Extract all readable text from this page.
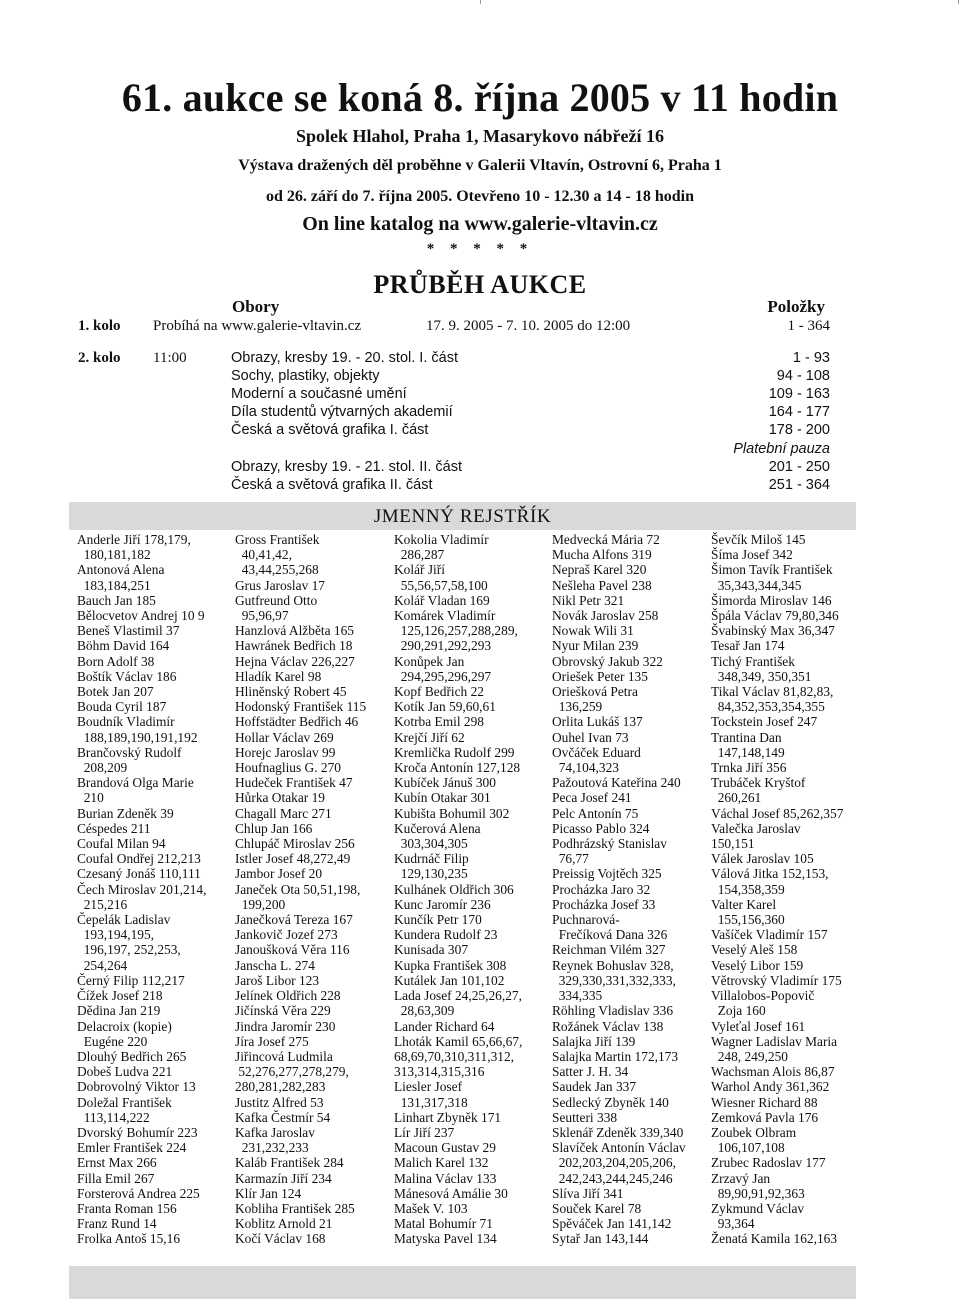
61. aukce se koná 8. října 2005 v 11 hodin
Spolek Hlahol, Praha 1, Masarykovo nábřeží 16
Výstava dražených děl proběhne v Galerii Vltavín, Ostrovní 6, Praha 1
od 26. září do 7. října 2005. Otevřeno 10 - 12.30 a 14 - 18 hodin
On line katalog na www.galerie-vltavin.cz
* * * * *
PRŮBĚH AUKCE
Obory	Položky
1. kolo Probíhá na www.galerie-vltavin.cz	17. 9. 2005 - 7. 10. 2005 do 12:00	1 - 364
2. kolo 11:00	Obrazy, kresby 19. - 20. stol. I. část	1 - 93
Sochy, plastiky, objekty	94 - 108
Moderní a současné umění	109 - 163
Díla studentů výtvarných akademií	164 - 177
Česká a světová grafika I. část	178 - 200
Platební pauza
Obrazy, kresby 19. - 21. stol. II. část	201 - 250
Česká a světová grafika II. část	251 - 364
JMENNÝ REJSTŘÍK
Anderle Jiří 178,179,
180,181,182
Antonová Alena
183,184,251
Bauch Jan 185
Bělocvetov Andrej 10 9
Beneš Vlastimil 37
Böhm David 164
Born Adolf 38
Boštík Václav 186
Botek Jan 207
Bouda Cyril 187
Boudník Vladimír
188,189,190,191,192
Brančovský Rudolf
208,209
Brandová Olga Marie
210
Burian Zdeněk 39
Céspedes 211
Coufal Milan 94
Coufal Ondřej 212,213
Czesaný Jonáš 110,111
Čech Miroslav 201,214,
215,216
Čepelák Ladislav
193,194,195,
196,197, 252,253,
254,264
Černý Filip 112,217
Čížek Josef 218
Dědina Jan 219
Delacroix (kopie)
Eugéne 220
Dlouhý Bedřich 265
Dobeš Ludva 221
Dobrovolný Viktor 13
Doležal František
113,114,222
Dvorský Bohumír 223
Emler František 224
Ernst Max 266
Filla Emil 267
Forsterová Andrea 225
Franta Roman 156
Franz Rund 14
Frolka Antoš 15,16
Gross František
40,41,42,
43,44,255,268
Grus Jaroslav 17
Gutfreund Otto
95,96,97
Hanzlová Alžběta 165
Hawránek Bedřich 18
Hejna Václav 226,227
Hladík Karel 98
Hlinĕnský Robert 45
Hodonský František 115
Hoffstädter Bedřich 46
Hollar Václav 269
Horejc Jaroslav 99
Houfnaglius G. 270
Hudeček František 47
Hůrka Otakar 19
Chagall Marc 271
Chlup Jan 166
Chlupáč Miroslav 256
Istler Josef 48,272,49
Jambor Josef 20
Janeček Ota 50,51,198,
199,200
Janečková Tereza 167
Jankovič Jozef 273
Janoušková Věra 116
Janscha L. 274
Jaroš Libor 123
Jelínek Oldřich 228
Jičínská Věra 229
Jindra Jaromír 230
Jíra Josef 275
Jiřincová Ludmila
52,276,277,278,279,
280,281,282,283
Justitz Alfred 53
Kafka Čestmír 54
Kafka Jaroslav
231,232,233
Kaláb František 284
Karmazín Jiří 234
Klír Jan 124
Kobliha František 285
Koblitz Arnold 21
Kočí Václav 168
Kokolia Vladimír
286,287
Kolář Jiří
55,56,57,58,100
Kolář Vladan 169
Komárek Vladimír
125,126,257,288,289,
290,291,292,293
Konůpek Jan
294,295,296,297
Kopf Bedřich 22
Kotík Jan 59,60,61
Kotrba Emil 298
Krejčí Jiří 62
Kremlička Rudolf 299
Kroča Antonín 127,128
Kubíček Jánuš 300
Kubín Otakar 301
Kubišta Bohumil 302
Kučerová Alena
303,304,305
Kudrnáč Filip
129,130,235
Kulhánek Oldřich 306
Kunc Jaromír 236
Kunčík Petr 170
Kundera Rudolf 23
Kunisada 307
Kupka František 308
Kutálek Jan 101,102
Lada Josef 24,25,26,27,
28,63,309
Lander Richard 64
Lhoták Kamil 65,66,67,
68,69,70,310,311,312,
313,314,315,316
Liesler Josef
131,317,318
Linhart Zbyněk 171
Lír Jiří 237
Macoun Gustav 29
Malich Karel 132
Malina Václav 133
Mánesová Amálie 30
Mašek V. 103
Matal Bohumír 71
Matyska Pavel 134
Medvecká Mária 72
Mucha Alfons 319
Nepraš Karel 320
Nešleha Pavel 238
Nikl Petr 321
Novák Jaroslav 258
Nowak Wili 31
Nyur Milan 239
Obrovský Jakub 322
Oriešek Peter 135
Oriešková Petra
136,259
Orlita Lukáš 137
Ouhel Ivan 73
Ovčáček Eduard
74,104,323
Pažoutová Kateřina 240
Peca Josef 241
Pelc Antonín 75
Picasso Pablo 324
Podhrázský Stanislav
76,77
Preissig Vojtěch 325
Procházka Jaro 32
Procházka Josef 33
Puchnarová-
Frečíková Dana 326
Reichman Vilém 327
Reynek Bohuslav 328,
329,330,331,332,333,
334,335
Röhling Vladislav 336
Rožánek Václav 138
Salajka Jiří 139
Salajka Martin 172,173
Satter J. H. 34
Saudek Jan 337
Sedlecký Zbyněk 140
Seutteri 338
Sklenář Zdeněk 339,340
Slavíček Antonín Václav
202,203,204,205,206,
242,243,244,245,246
Slíva Jiří 341
Souček Karel 78
Spěváček Jan 141,142
Sytař Jan 143,144
Ševčík Miloš 145
Šíma Josef 342
Šimon Tavík František
35,343,344,345
Šimorda Miroslav 146
Špála Václav 79,80,346
Švabinský Max 36,347
Tesař Jan 174
Tichý František
348,349, 350,351
Tikal Václav 81,82,83,
84,352,353,354,355
Tockstein Josef 247
Trantina Dan
147,148,149
Trnka Jiří 356
Trubáček Kryštof
260,261
Váchal Josef 85,262,357
Valečka Jaroslav
150,151
Válek Jaroslav 105
Válová Jitka 152,153,
154,358,359
Valter Karel
155,156,360
Vašíček Vladimír 157
Veselý Aleš 158
Veselý Libor 159
Větrovský Vladimír 175
Villalobos-Popovič
Zoja 160
Vyleťal Josef 161
Wagner Ladislav Maria
248, 249,250
Wachsman Alois 86,87
Warhol Andy 361,362
Wiesner Richard 88
Zemková Pavla 176
Zoubek Olbram
106,107,108
Zrubec Radoslav 177
Zrzavý Jan
89,90,91,92,363
Zykmund Václav
93,364
Ženatá Kamila 162,163
